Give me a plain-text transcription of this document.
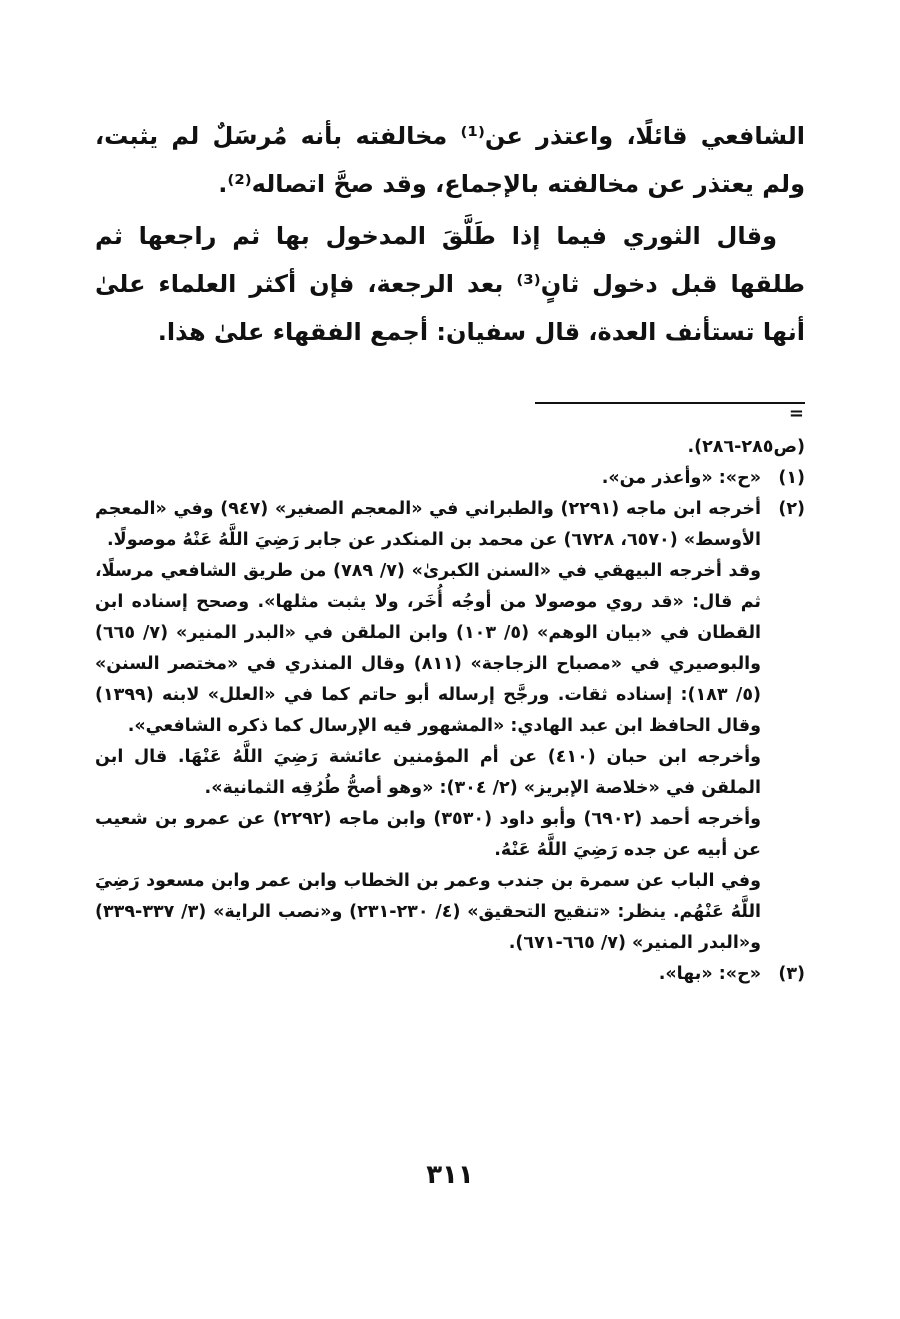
الشافعي قائلًا، واعتذر عن⁽¹⁾ مخالفته بأنه مُرسَلٌ لم يثبت، ولم يعتذر عن مخالفته بالإجماع، وقد صحَّ اتصاله⁽²⁾.

وقال الثوري فيما إذا طَلَّقَ المدخول بها ثم راجعها ثم طلقها قبل دخول ثانٍ⁽³⁾ بعد الرجعة، فإن أكثر العلماء علىٰ أنها تستأنف العدة، قال سفيان: أجمع الفقهاء علىٰ هذا.

=

(ص٢٨٥-٢٨٦).

(١)

«ح»: «وأعذر من».

(٢)

أخرجه ابن ماجه (٢٢٩١) والطبراني في «المعجم الصغير» (٩٤٧) وفي «المعجم الأوسط» (٦٥٧٠، ٦٧٢٨) عن محمد بن المنكدر عن جابر رَضِيَ اللَّهُ عَنْهُ موصولًا.

وقد أخرجه البيهقي في «السنن الكبرىٰ» (٧/ ٧٨٩) من طريق الشافعي مرسلًا، ثم قال: «قد روي موصولا من أوجُه أُخَر، ولا يثبت مثلها». وصحح إسناده ابن القطان في «بيان الوهم» (٥/ ١٠٣) وابن الملقن في «البدر المنير» (٧/ ٦٦٥) والبوصيري في «مصباح الزجاجة» (٨١١) وقال المنذري في «مختصر السنن» (٥/ ١٨٣): إسناده ثقات. ورجَّح إرساله أبو حاتم كما في «العلل» لابنه (١٣٩٩) وقال الحافظ ابن عبد الهادي: «المشهور فيه الإرسال كما ذكره الشافعي».

وأخرجه ابن حبان (٤١٠) عن أم المؤمنين عائشة رَضِيَ اللَّهُ عَنْهَا. قال ابن الملقن في «خلاصة الإبريز» (٢/ ٣٠٤): «وهو أصحُّ طُرُقِه الثمانية».

وأخرجه أحمد (٦٩٠٢) وأبو داود (٣٥٣٠) وابن ماجه (٢٢٩٢) عن عمرو بن شعيب عن أبيه عن جده رَضِيَ اللَّهُ عَنْهُ.

وفي الباب عن سمرة بن جندب وعمر بن الخطاب وابن عمر وابن مسعود رَضِيَ اللَّهُ عَنْهُم. ينظر: «تنقيح التحقيق» (٤/ ٢٣٠-٢٣١) و«نصب الراية» (٣/ ٣٣٧-٣٣٩) و«البدر المنير» (٧/ ٦٦٥-٦٧١).

(٣)

«ح»: «بها».

٣١١
